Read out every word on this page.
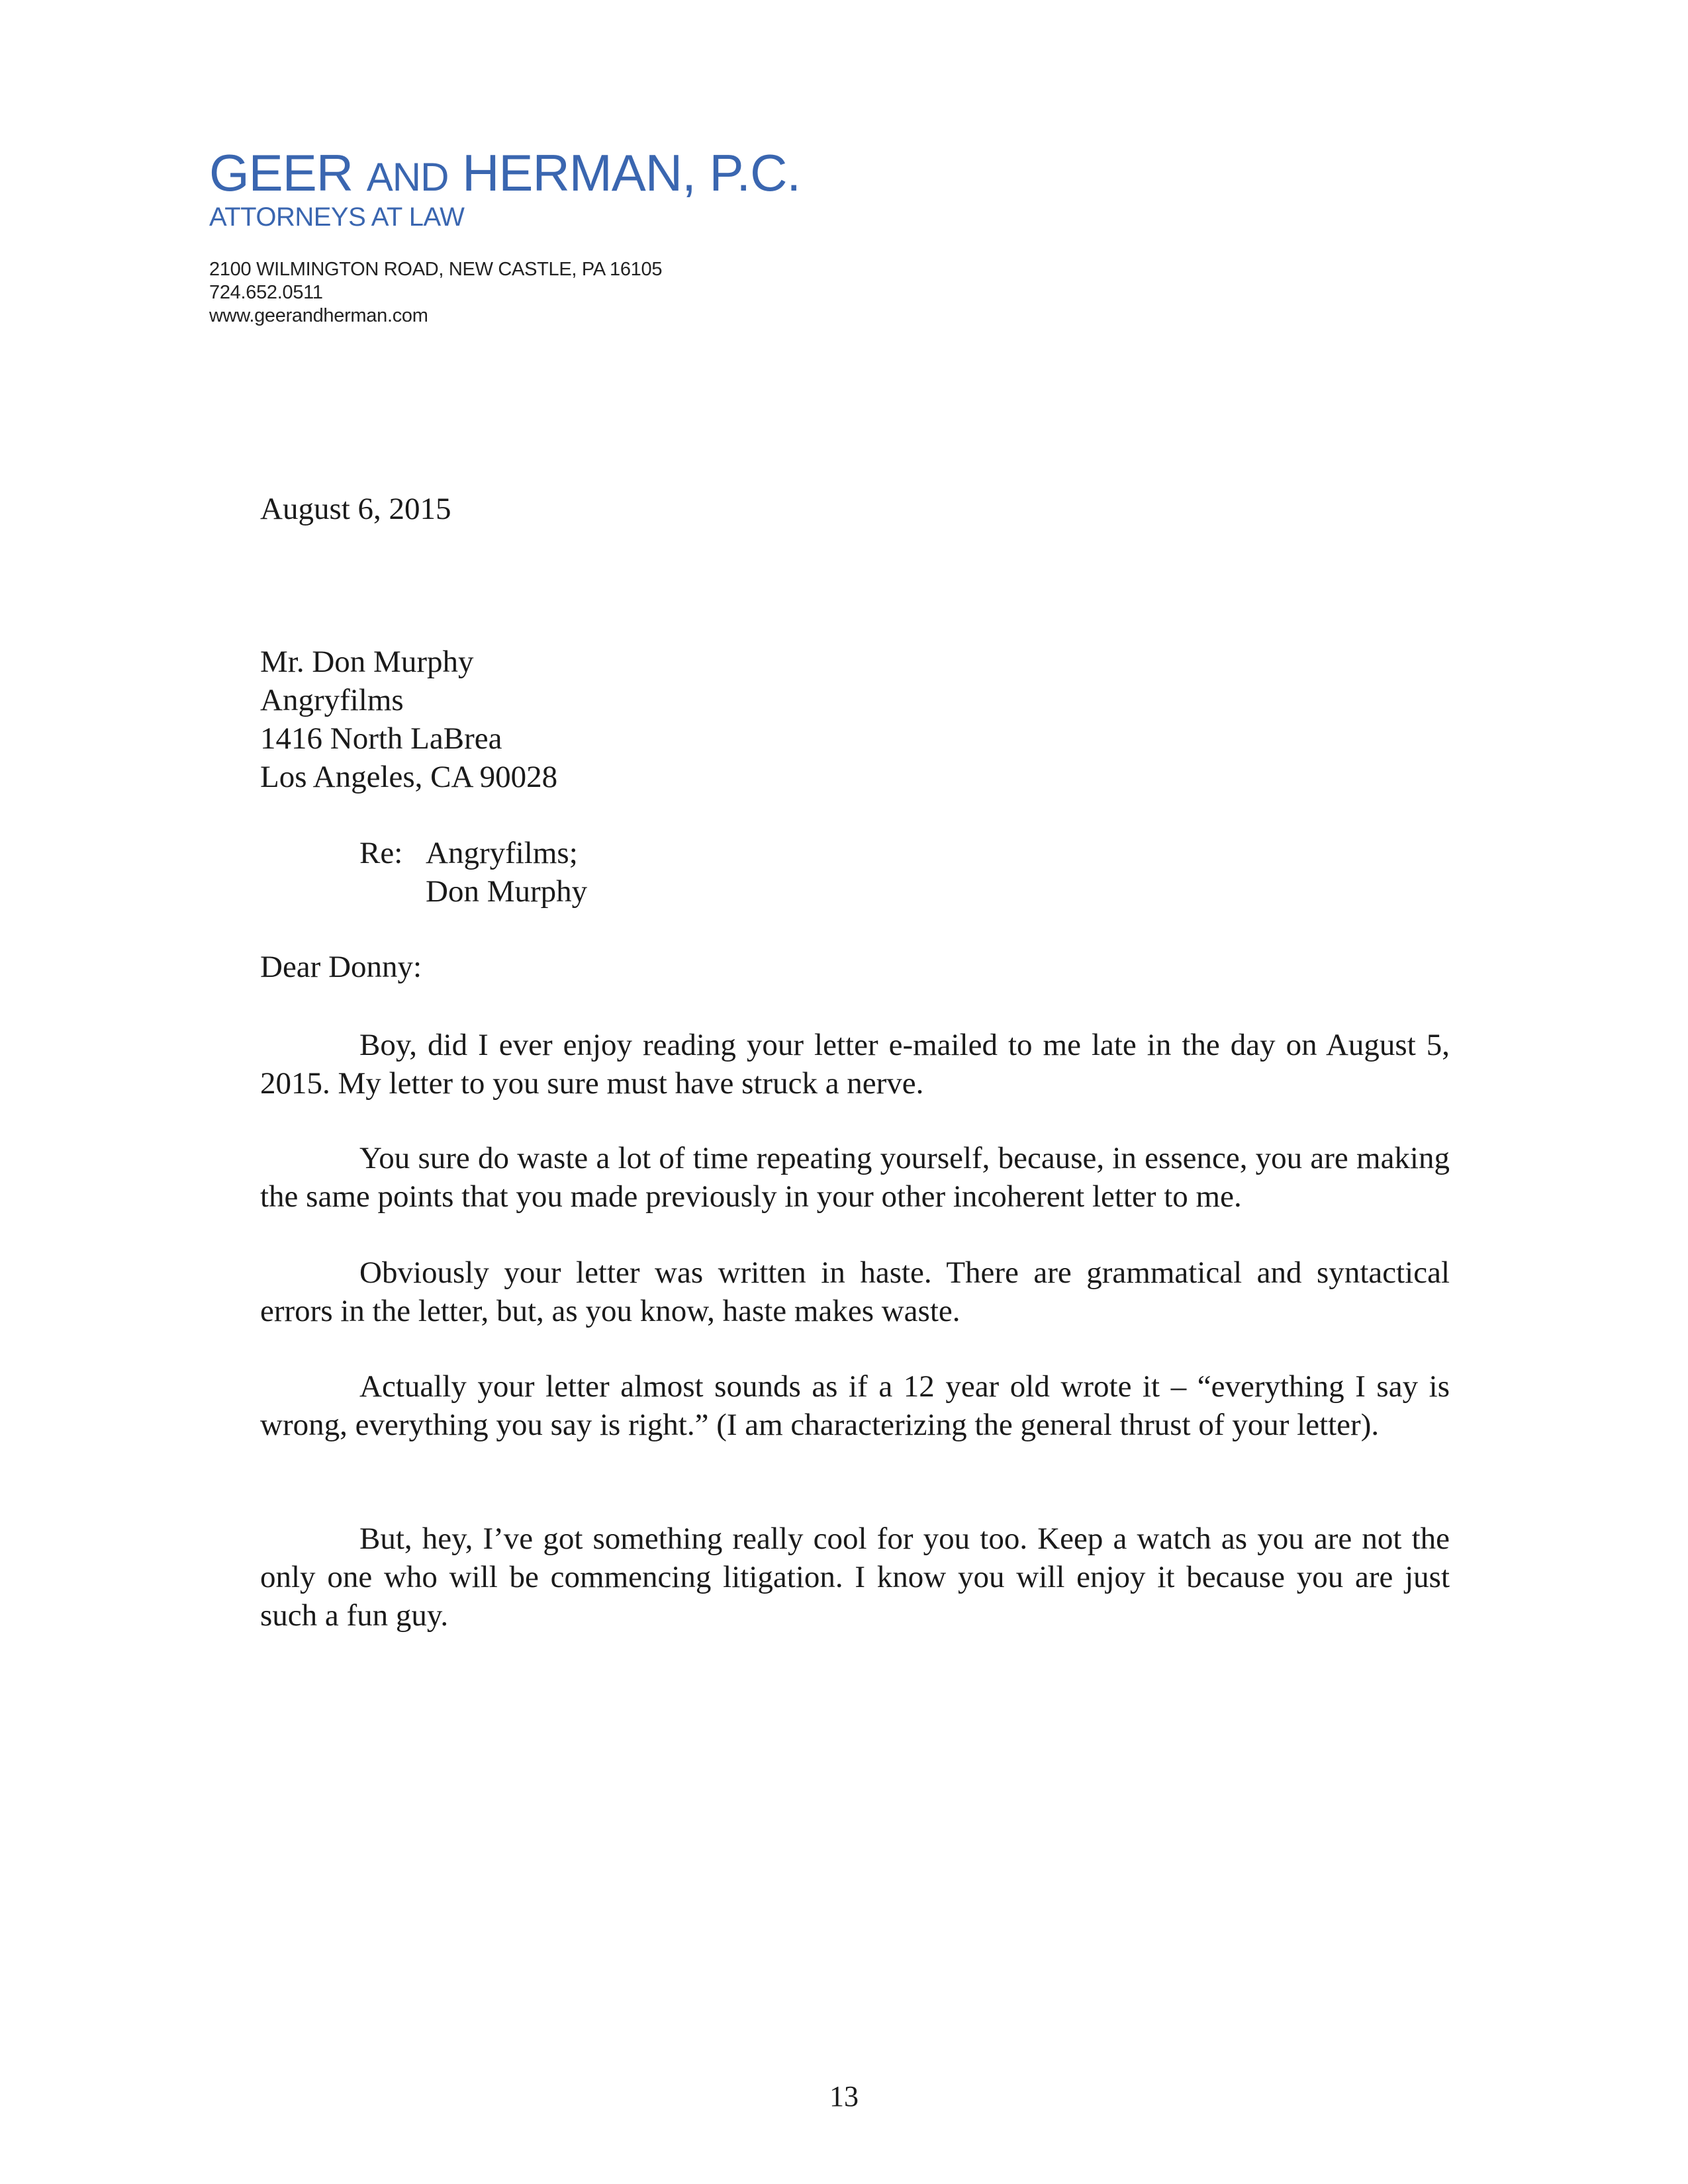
GEER AND HERMAN, P.C.
ATTORNEYS AT LAW
2100 WILMINGTON ROAD, NEW CASTLE, PA 16105
724.652.0511
www.geerandherman.com
August 6, 2015
Mr. Don Murphy
Angryfilms
1416 North LaBrea
Los Angeles, CA 90028
Re: Angryfilms;
Don Murphy
Dear Donny:
Boy, did I ever enjoy reading your letter e-mailed to me late in the day on August 5, 2015. My letter to you sure must have struck a nerve.
You sure do waste a lot of time repeating yourself, because, in essence, you are making the same points that you made previously in your other incoherent letter to me.
Obviously your letter was written in haste. There are grammatical and syntactical errors in the letter, but, as you know, haste makes waste.
Actually your letter almost sounds as if a 12 year old wrote it – “everything I say is wrong, everything you say is right.” (I am characterizing the general thrust of your letter).
But, hey, I’ve got something really cool for you too. Keep a watch as you are not the only one who will be commencing litigation. I know you will enjoy it because you are just such a fun guy.
13
